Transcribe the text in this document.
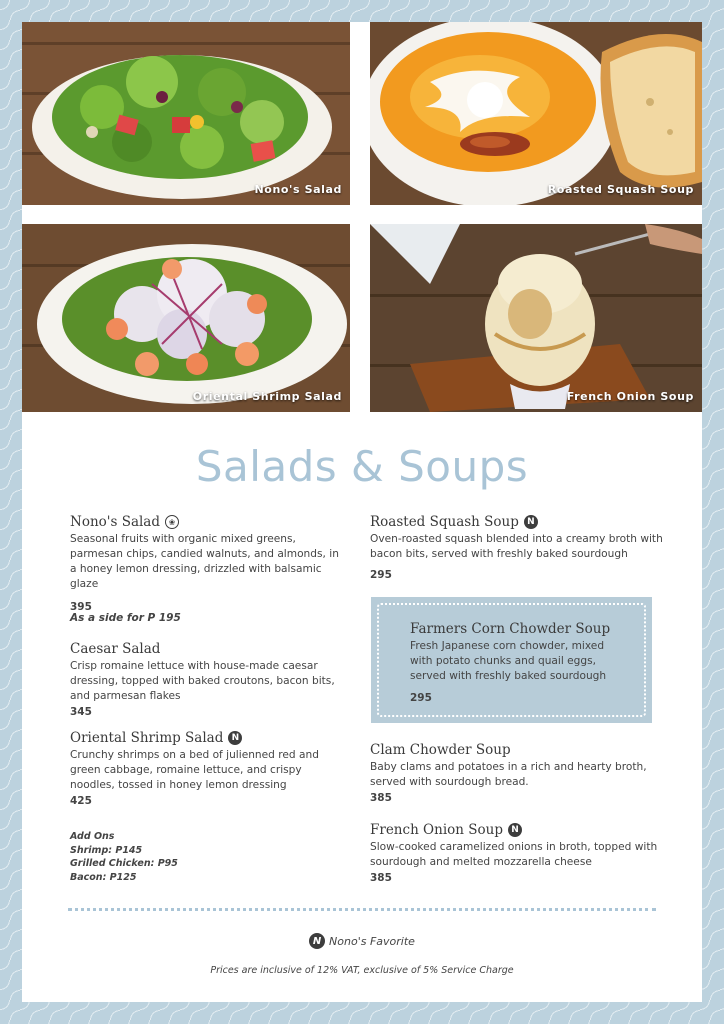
Nono's Salad	Roasted Squash Soup
Oriental Shrimp Salad	French Onion Soup
Salads & Soups
Nono's Salad	❀
Seasonal fruits with organic mixed greens, parmesan chips, candied walnuts, and almonds, in a honey lemon dressing, drizzled with balsamic glaze
395
As a side for P 195
Caesar Salad
Crisp romaine lettuce with house-made caesar dressing, topped with baked croutons, bacon bits, and parmesan flakes
345
Oriental Shrimp Salad N
Crunchy shrimps on a bed of julienned red and green cabbage, romaine lettuce, and crispy noodles, tossed in honey lemon dressing
425
Add Ons
Shrimp: P145
Grilled Chicken: P95
Bacon: P125
Roasted Squash Soup N
Oven-roasted squash blended into a creamy broth with bacon bits, served with freshly baked sourdough
295
Farmers Corn Chowder Soup
Fresh Japanese corn chowder, mixed with potato chunks and quail eggs, served with freshly baked sourdough
295
Clam Chowder Soup
Baby clams and potatoes in a rich and hearty broth, served with sourdough bread.
385
French Onion Soup N
Slow-cooked caramelized onions in broth, topped with sourdough and melted mozzarella cheese
385
N Nono's Favorite
Prices are inclusive of 12% VAT, exclusive of 5% Service Charge
